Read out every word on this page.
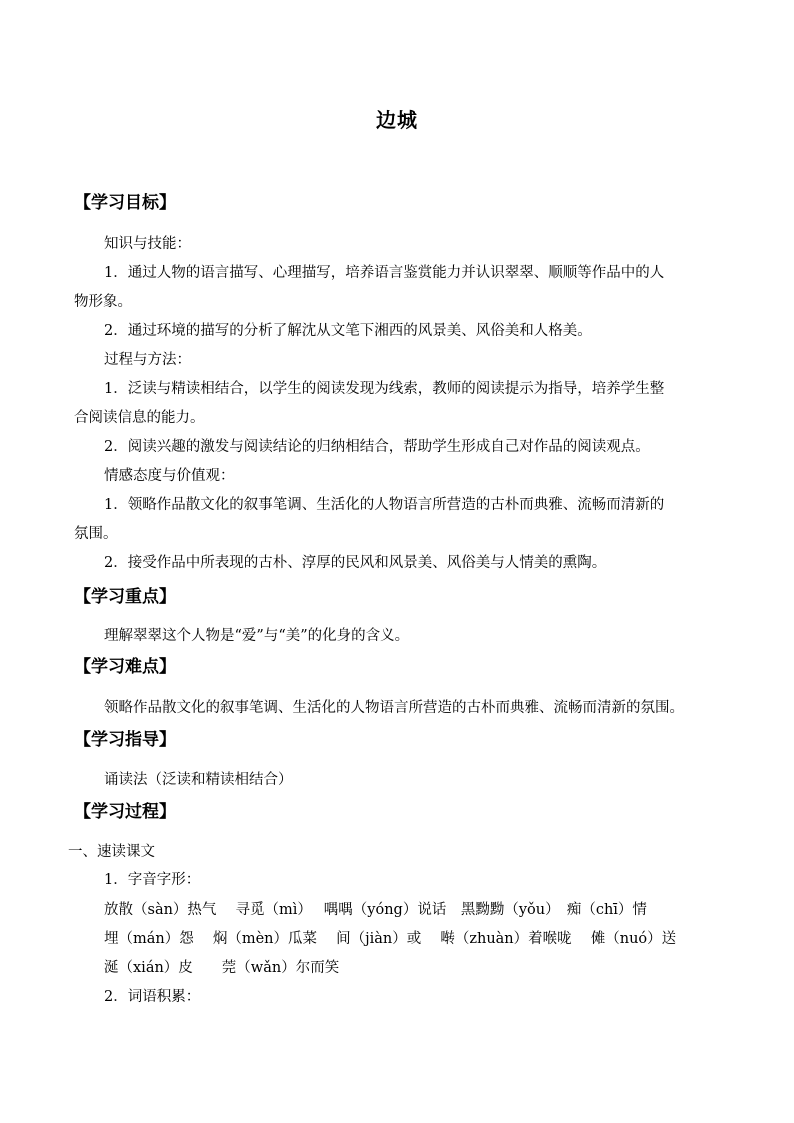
边城
【学习目标】
知识与技能：
1．通过人物的语言描写、心理描写，培养语言鉴赏能力并认识翠翠、顺顺等作品中的人
物形象。
2．通过环境的描写的分析了解沈从文笔下湘西的风景美、风俗美和人格美。
过程与方法：
1．泛读与精读相结合，以学生的阅读发现为线索，教师的阅读提示为指导，培养学生整
合阅读信息的能力。
2．阅读兴趣的激发与阅读结论的归纳相结合，帮助学生形成自己对作品的阅读观点。
情感态度与价值观：
1．领略作品散文化的叙事笔调、生活化的人物语言所营造的古朴而典雅、流畅而清新的
氛围。
2．接受作品中所表现的古朴、淳厚的民风和风景美、风俗美与人情美的熏陶。
【学习重点】
理解翠翠这个人物是“爱”与“美”的化身的含义。
【学习难点】
领略作品散文化的叙事笔调、生活化的人物语言所营造的古朴而典雅、流畅而清新的氛围。
【学习指导】
诵读法（泛读和精读相结合）
【学习过程】
一、速读课文
1．字音字形：
放散（sàn）热气　 寻觅（mì）　 喁喁（yóng）说话　黑黝黝（yǒu）　痴（chī）情
埋（mán）怨　 焖（mèn）瓜菜　 间（jiàn）或　 啭（zhuàn）着喉咙　 傩（nuó）送
涎（xián）皮　　莞（wǎn）尔而笑
2．词语积累：
